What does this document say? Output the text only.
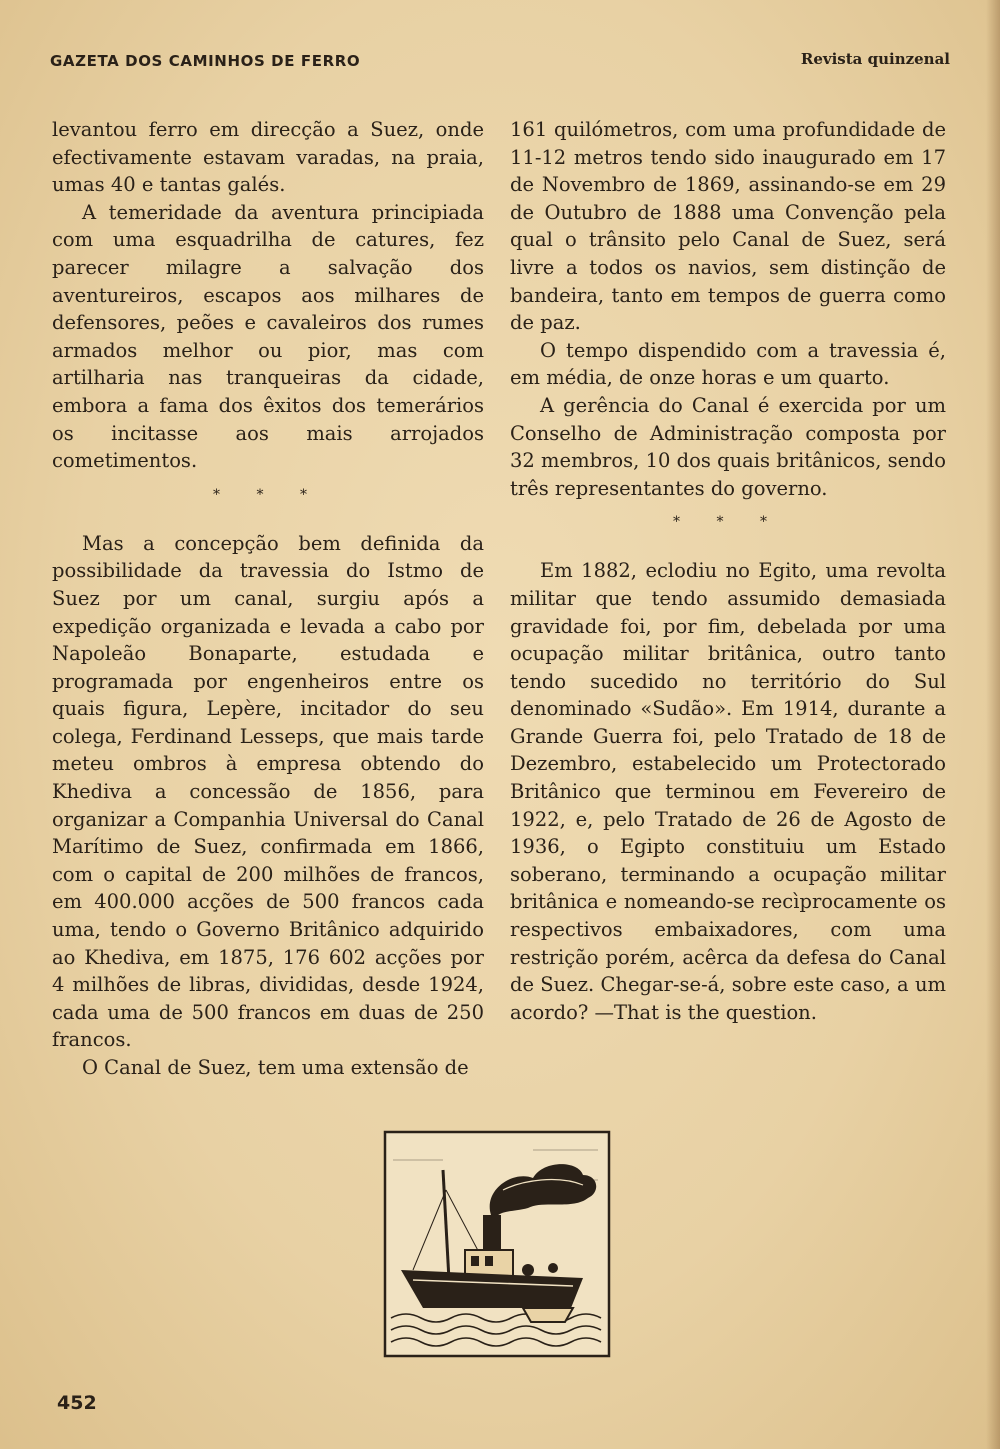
GAZETA DOS CAMINHOS DE FERRO	Revista quinzenal

levantou ferro em direcção a Suez, onde efectivamente estavam varadas, na praia, umas 40 e tantas galés.

A temeridade da aventura principiada com uma esquadrilha de catures, fez parecer milagre a salvação dos aventureiros, escapos aos milhares de defensores, peões e cavaleiros dos rumes armados melhor ou pior, mas com artilharia nas tranqueiras da cidade, embora a fama dos êxitos dos temerários os incitasse aos mais arrojados cometimentos.

* * *

Mas a concepção bem definida da possibilidade da travessia do Istmo de Suez por um canal, surgiu após a expedição organizada e levada a cabo por Napoleão Bonaparte, estudada e programada por engenheiros entre os quais figura, Lepère, incitador do seu colega, Ferdinand Lesseps, que mais tarde meteu ombros à empresa obtendo do Khediva a concessão de 1856, para organizar a Companhia Universal do Canal Marítimo de Suez, confirmada em 1866, com o capital de 200 milhões de francos, em 400.000 acções de 500 francos cada uma, tendo o Governo Britânico adquirido ao Khediva, em 1875, 176 602 acções por 4 milhões de libras, divididas, desde 1924, cada uma de 500 francos em duas de 250 francos.

O Canal de Suez, tem uma extensão de

161 quilómetros, com uma profundidade de 11-12 metros tendo sido inaugurado em 17 de Novembro de 1869, assinando-se em 29 de Outubro de 1888 uma Convenção pela qual o trânsito pelo Canal de Suez, será livre a todos os navios, sem distinção de bandeira, tanto em tempos de guerra como de paz.

O tempo dispendido com a travessia é, em média, de onze horas e um quarto.

A gerência do Canal é exercida por um Conselho de Administração composta por 32 membros, 10 dos quais britânicos, sendo três representantes do governo.

* * *

Em 1882, eclodiu no Egito, uma revolta militar que tendo assumido demasiada gravidade foi, por fim, debelada por uma ocupação militar britânica, outro tanto tendo sucedido no território do Sul denominado «Sudão». Em 1914, durante a Grande Guerra foi, pelo Tratado de 18 de Dezembro, estabelecido um Protectorado Britânico que terminou em Fevereiro de 1922, e, pelo Tratado de 26 de Agosto de 1936, o Egipto constituiu um Estado soberano, terminando a ocupação militar britânica e nomeando-se recìprocamente os respectivos embaixadores, com uma restrição porém, acêrca da defesa do Canal de Suez. Chegar-se-á, sobre este caso, a um acordo? —That is the question.

452
